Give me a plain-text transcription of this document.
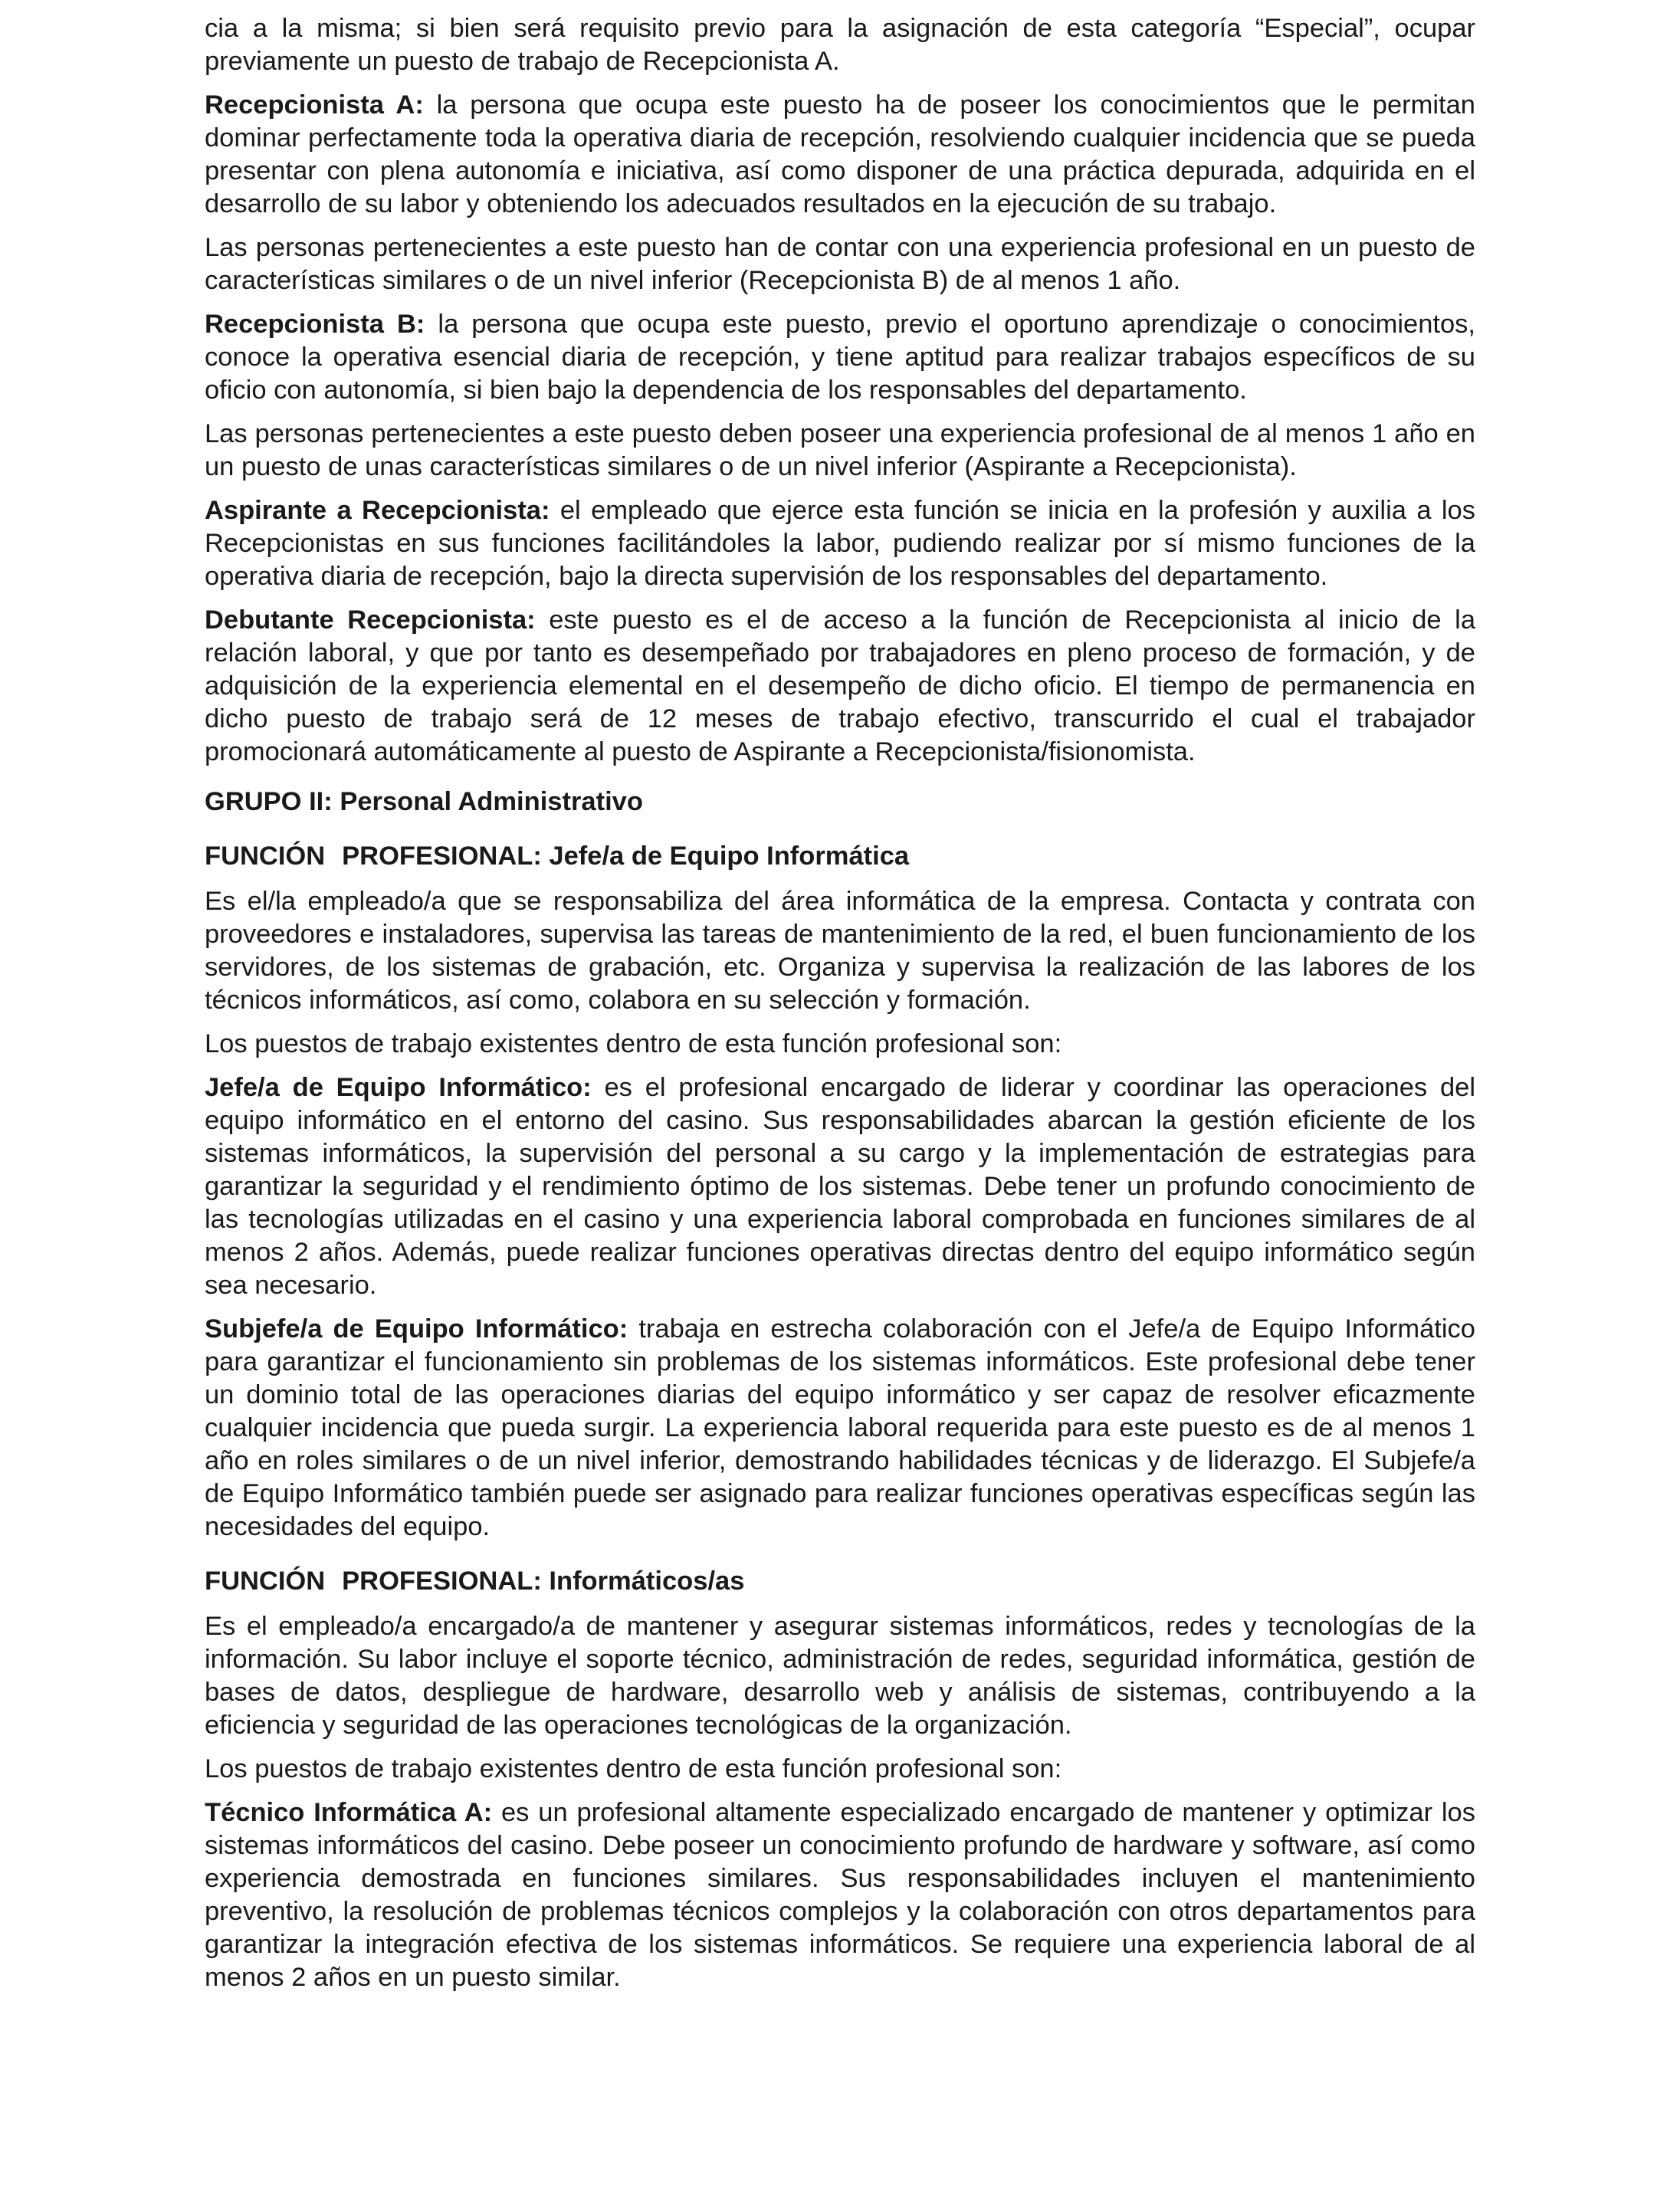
cia a la misma; si bien será requisito previo para la asignación de esta categoría “Especial”, ocupar previamente un puesto de trabajo de Recepcionista A.

Recepcionista A: la persona que ocupa este puesto ha de poseer los conocimientos que le permitan dominar perfectamente toda la operativa diaria de recepción, resolviendo cualquier incidencia que se pueda presentar con plena autonomía e iniciativa, así como disponer de una práctica depurada, adquirida en el desarrollo de su labor y obteniendo los adecuados resultados en la ejecución de su trabajo.

Las personas pertenecientes a este puesto han de contar con una experiencia profesional en un puesto de características similares o de un nivel inferior (Recepcionista B) de al menos 1 año.

Recepcionista B: la persona que ocupa este puesto, previo el oportuno aprendizaje o conocimientos, conoce la operativa esencial diaria de recepción, y tiene aptitud para realizar trabajos específicos de su oficio con autonomía, si bien bajo la dependencia de los responsables del departamento.

Las personas pertenecientes a este puesto deben poseer una experiencia profesional de al menos 1 año en un puesto de unas características similares o de un nivel inferior (Aspirante a Recepcionista).

Aspirante a Recepcionista: el empleado que ejerce esta función se inicia en la profesión y auxilia a los Recepcionistas en sus funciones facilitándoles la labor, pudiendo realizar por sí mismo funciones de la operativa diaria de recepción, bajo la directa supervisión de los responsables del departamento.

Debutante Recepcionista: este puesto es el de acceso a la función de Recepcionista al inicio de la relación laboral, y que por tanto es desempeñado por trabajadores en pleno proceso de formación, y de adquisición de la experiencia elemental en el desempeño de dicho oficio. El tiempo de permanencia en dicho puesto de trabajo será de 12 meses de trabajo efectivo, transcurrido el cual el trabajador promocionará automáticamente al puesto de Aspirante a Recepcionista/fisionomista.

GRUPO II: Personal Administrativo
FUNCIÓN PROFESIONAL: Jefe/a de Equipo Informática

Es el/la empleado/a que se responsabiliza del área informática de la empresa. Contacta y contrata con proveedores e instaladores, supervisa las tareas de mantenimiento de la red, el buen funcionamiento de los servidores, de los sistemas de grabación, etc. Organiza y supervisa la realización de las labores de los técnicos informáticos, así como, colabora en su selección y formación.

Los puestos de trabajo existentes dentro de esta función profesional son:

Jefe/a de Equipo Informático: es el profesional encargado de liderar y coordinar las operaciones del equipo informático en el entorno del casino. Sus responsabilidades abarcan la gestión eficiente de los sistemas informáticos, la supervisión del personal a su cargo y la implementación de estrategias para garantizar la seguridad y el rendimiento óptimo de los sistemas. Debe tener un profundo conocimiento de las tecnologías utilizadas en el casino y una experiencia laboral comprobada en funciones similares de al menos 2 años. Además, puede realizar funciones operativas directas dentro del equipo informático según sea necesario.

Subjefe/a de Equipo Informático: trabaja en estrecha colaboración con el Jefe/a de Equipo Informático para garantizar el funcionamiento sin problemas de los sistemas informáticos. Este profesional debe tener un dominio total de las operaciones diarias del equipo informático y ser capaz de resolver eficazmente cualquier incidencia que pueda surgir. La experiencia laboral requerida para este puesto es de al menos 1 año en roles similares o de un nivel inferior, demostrando habilidades técnicas y de liderazgo. El Subjefe/a de Equipo Informático también puede ser asignado para realizar funciones operativas específicas según las necesidades del equipo.

FUNCIÓN PROFESIONAL: Informáticos/as

Es el empleado/a encargado/a de mantener y asegurar sistemas informáticos, redes y tecnologías de la información. Su labor incluye el soporte técnico, administración de redes, seguridad informática, gestión de bases de datos, despliegue de hardware, desarrollo web y análisis de sistemas, contribuyendo a la eficiencia y seguridad de las operaciones tecnológicas de la organización.

Los puestos de trabajo existentes dentro de esta función profesional son:

Técnico Informática A: es un profesional altamente especializado encargado de mantener y optimizar los sistemas informáticos del casino. Debe poseer un conocimiento profundo de hardware y software, así como experiencia demostrada en funciones similares. Sus responsabilidades incluyen el mantenimiento preventivo, la resolución de problemas técnicos complejos y la colaboración con otros departamentos para garantizar la integración efectiva de los sistemas informáticos. Se requiere una experiencia laboral de al menos 2 años en un puesto similar.
